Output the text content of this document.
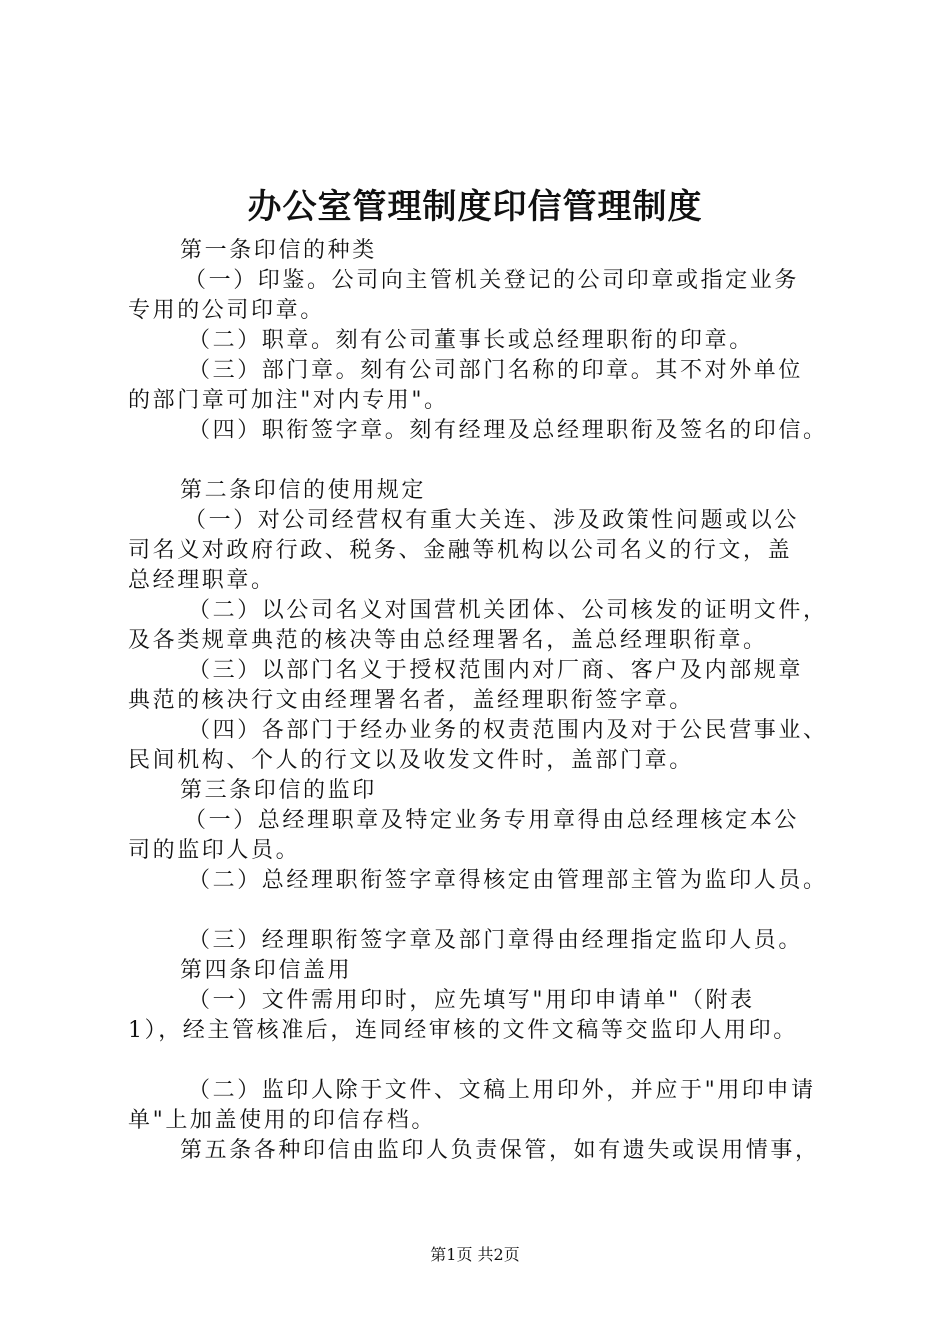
办公室管理制度印信管理制度
第一条印信的种类
（一）印鉴。公司向主管机关登记的公司印章或指定业务
专用的公司印章。
（二）职章。刻有公司董事长或总经理职衔的印章。
（三）部门章。刻有公司部门名称的印章。其不对外单位
的部门章可加注"对内专用"。
（四）职衔签字章。刻有经理及总经理职衔及签名的印信。
第二条印信的使用规定
（一）对公司经营权有重大关连、涉及政策性问题或以公
司名义对政府行政、税务、金融等机构以公司名义的行文，盖
总经理职章。
（二）以公司名义对国营机关团体、公司核发的证明文件，
及各类规章典范的核决等由总经理署名，盖总经理职衔章。
（三）以部门名义于授权范围内对厂商、客户及内部规章
典范的核决行文由经理署名者，盖经理职衔签字章。
（四）各部门于经办业务的权责范围内及对于公民营事业、
民间机构、个人的行文以及收发文件时，盖部门章。
第三条印信的监印
（一）总经理职章及特定业务专用章得由总经理核定本公
司的监印人员。
（二）总经理职衔签字章得核定由管理部主管为监印人员。
（三）经理职衔签字章及部门章得由经理指定监印人员。
第四条印信盖用
（一）文件需用印时，应先填写"用印申请单"（附表
1），经主管核准后，连同经审核的文件文稿等交监印人用印。
（二）监印人除于文件、文稿上用印外，并应于"用印申请
单"上加盖使用的印信存档。
第五条各种印信由监印人负责保管，如有遗失或误用情事，
第1页 共2页
